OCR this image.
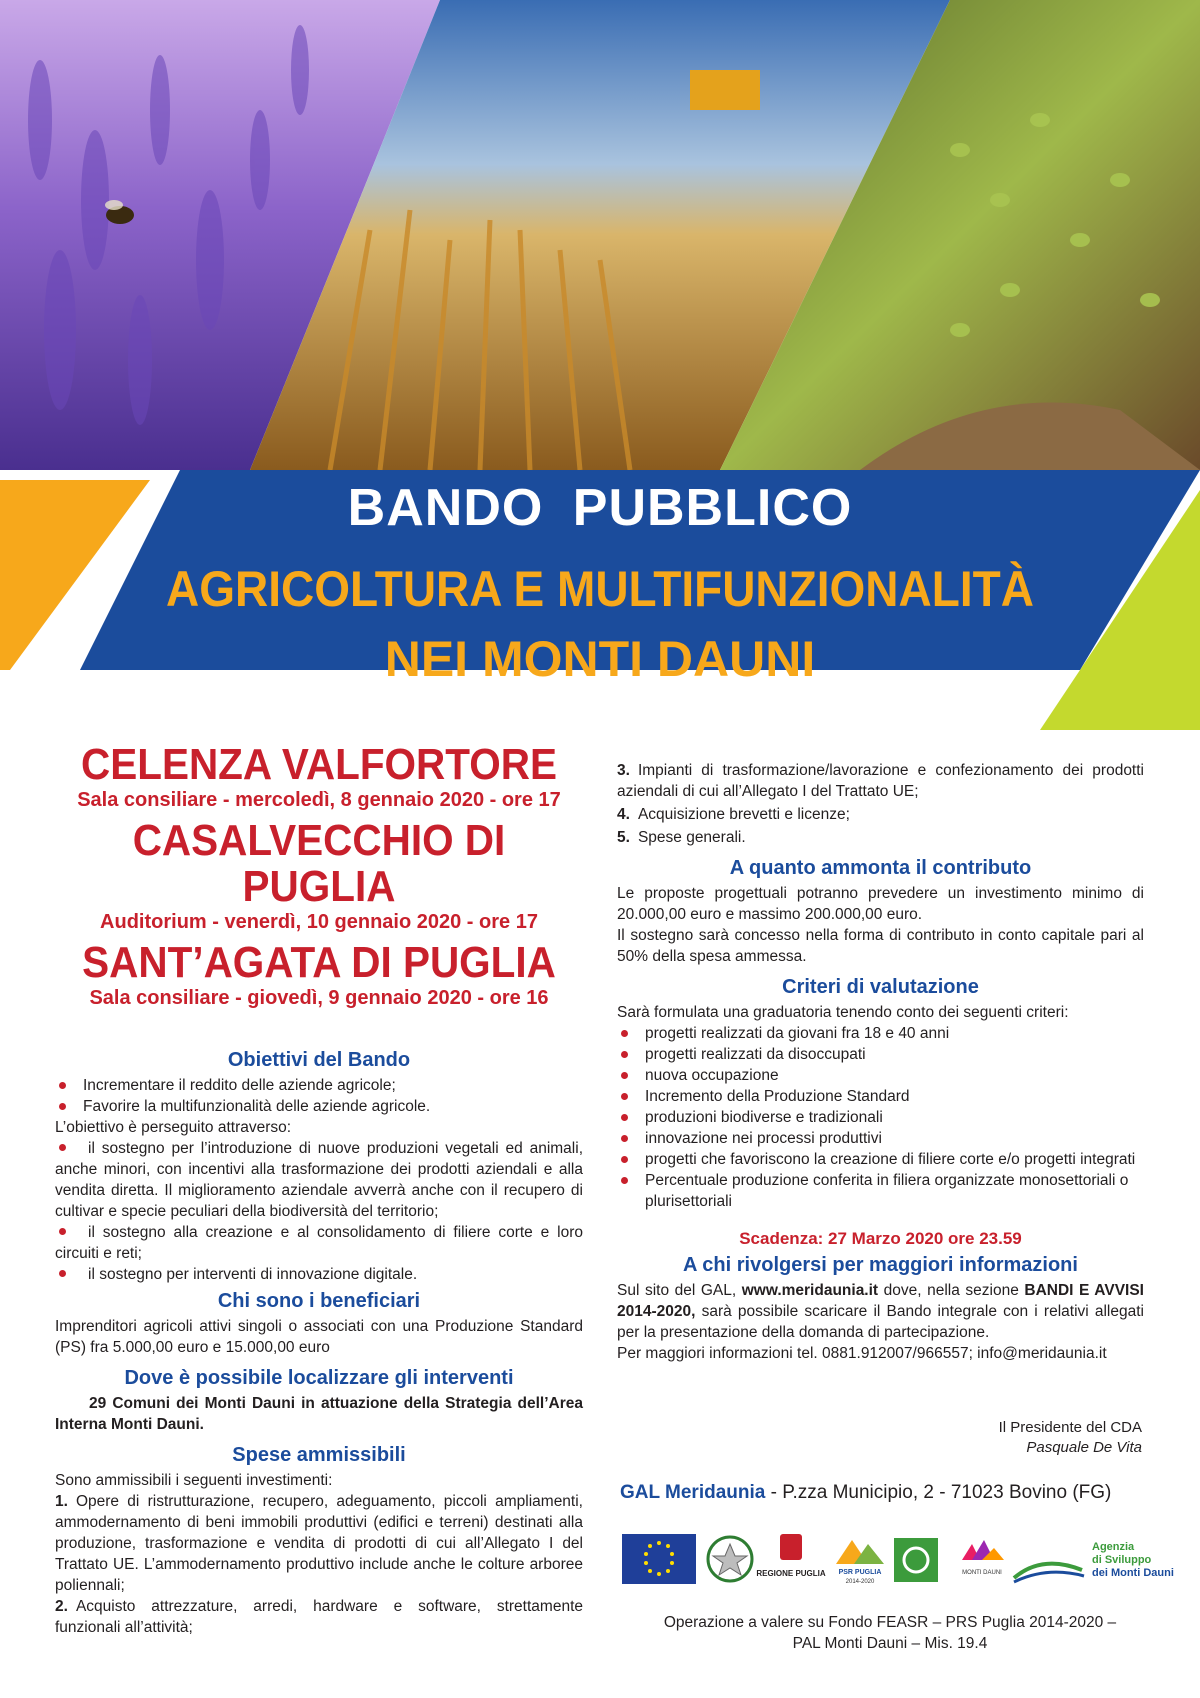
BANDO PUBBLICO
AGRICOLTURA E MULTIFUNZIONALITÀ
NEI MONTI DAUNI
CELENZA VALFORTORE
Sala consiliare - mercoledì, 8 gennaio 2020 - ore 17
CASALVECCHIO DI PUGLIA
Auditorium - venerdì, 10 gennaio 2020 - ore 17
SANT’AGATA DI PUGLIA
Sala consiliare - giovedì, 9 gennaio 2020 - ore 16
Obiettivi del Bando
Incrementare il reddito delle aziende agricole;
Favorire la multifunzionalità delle aziende agricole.
L’obiettivo è perseguito attraverso:
il sostegno per l’introduzione di nuove produzioni vegetali ed animali, anche minori, con incentivi alla trasformazione dei prodotti aziendali e alla vendita diretta. Il miglioramento aziendale avverrà anche con il recupero di cultivar e specie peculiari della biodiversità del territorio;
il sostegno alla creazione e al consolidamento di filiere corte e loro circuiti e reti;
il sostegno per interventi di innovazione digitale.
Chi sono i beneficiari
Imprenditori agricoli attivi singoli o associati con una Produzione Standard (PS) fra 5.000,00 euro e 15.000,00 euro
Dove è possibile localizzare gli interventi
29 Comuni dei Monti Dauni in attuazione della Strategia dell’Area Interna Monti Dauni.
Spese ammissibili
Sono ammissibili i seguenti investimenti:
1. Opere di ristrutturazione, recupero, adeguamento, piccoli ampliamenti, ammodernamento di beni immobili produttivi (edifici e terreni) destinati alla produzione, trasformazione e vendita di prodotti di cui all’Allegato I del Trattato UE. L’ammodernamento produttivo include anche le colture arboree poliennali;
2. Acquisto attrezzature, arredi, hardware e software, strettamente funzionali all’attività;
3. Impianti di trasformazione/lavorazione e confezionamento dei prodotti aziendali di cui all’Allegato I del Trattato UE;
4. Acquisizione brevetti e licenze;
5. Spese generali.
A quanto ammonta il contributo
Le proposte progettuali potranno prevedere un investimento minimo di 20.000,00 euro e massimo 200.000,00 euro.
Il sostegno sarà concesso nella forma di contributo in conto capitale pari al 50% della spesa ammessa.
Criteri di valutazione
Sarà formulata una graduatoria tenendo conto dei seguenti criteri:
progetti realizzati da giovani fra 18 e 40 anni
progetti realizzati da disoccupati
nuova occupazione
Incremento della Produzione Standard
produzioni biodiverse e tradizionali
innovazione nei processi produttivi
progetti che favoriscono la creazione di filiere corte e/o progetti integrati
Percentuale produzione conferita in filiera organizzate monosettoriali o plurisettoriali
Scadenza: 27 Marzo 2020 ore 23.59
A chi rivolgersi per maggiori informazioni
Sul sito del GAL, www.meridaunia.it dove, nella sezione BANDI E AVVISI 2014-2020, sarà possibile scaricare il Bando integrale con i relativi allegati per la presentazione della domanda di partecipazione.
Per maggiori informazioni tel. 0881.912007/966557; info@meridaunia.it
Il Presidente del CDA
Pasquale De Vita
GAL Meridaunia - P.zza Municipio, 2 - 71023 Bovino (FG)
REGIONE PUGLIA PSR PUGLIA
2014-2020
MONTI DAUNI
Agenzia
di Sviluppo
dei Monti Dauni
Operazione a valere su Fondo FEASR – PRS Puglia 2014-2020 –
PAL Monti Dauni – Mis. 19.4
